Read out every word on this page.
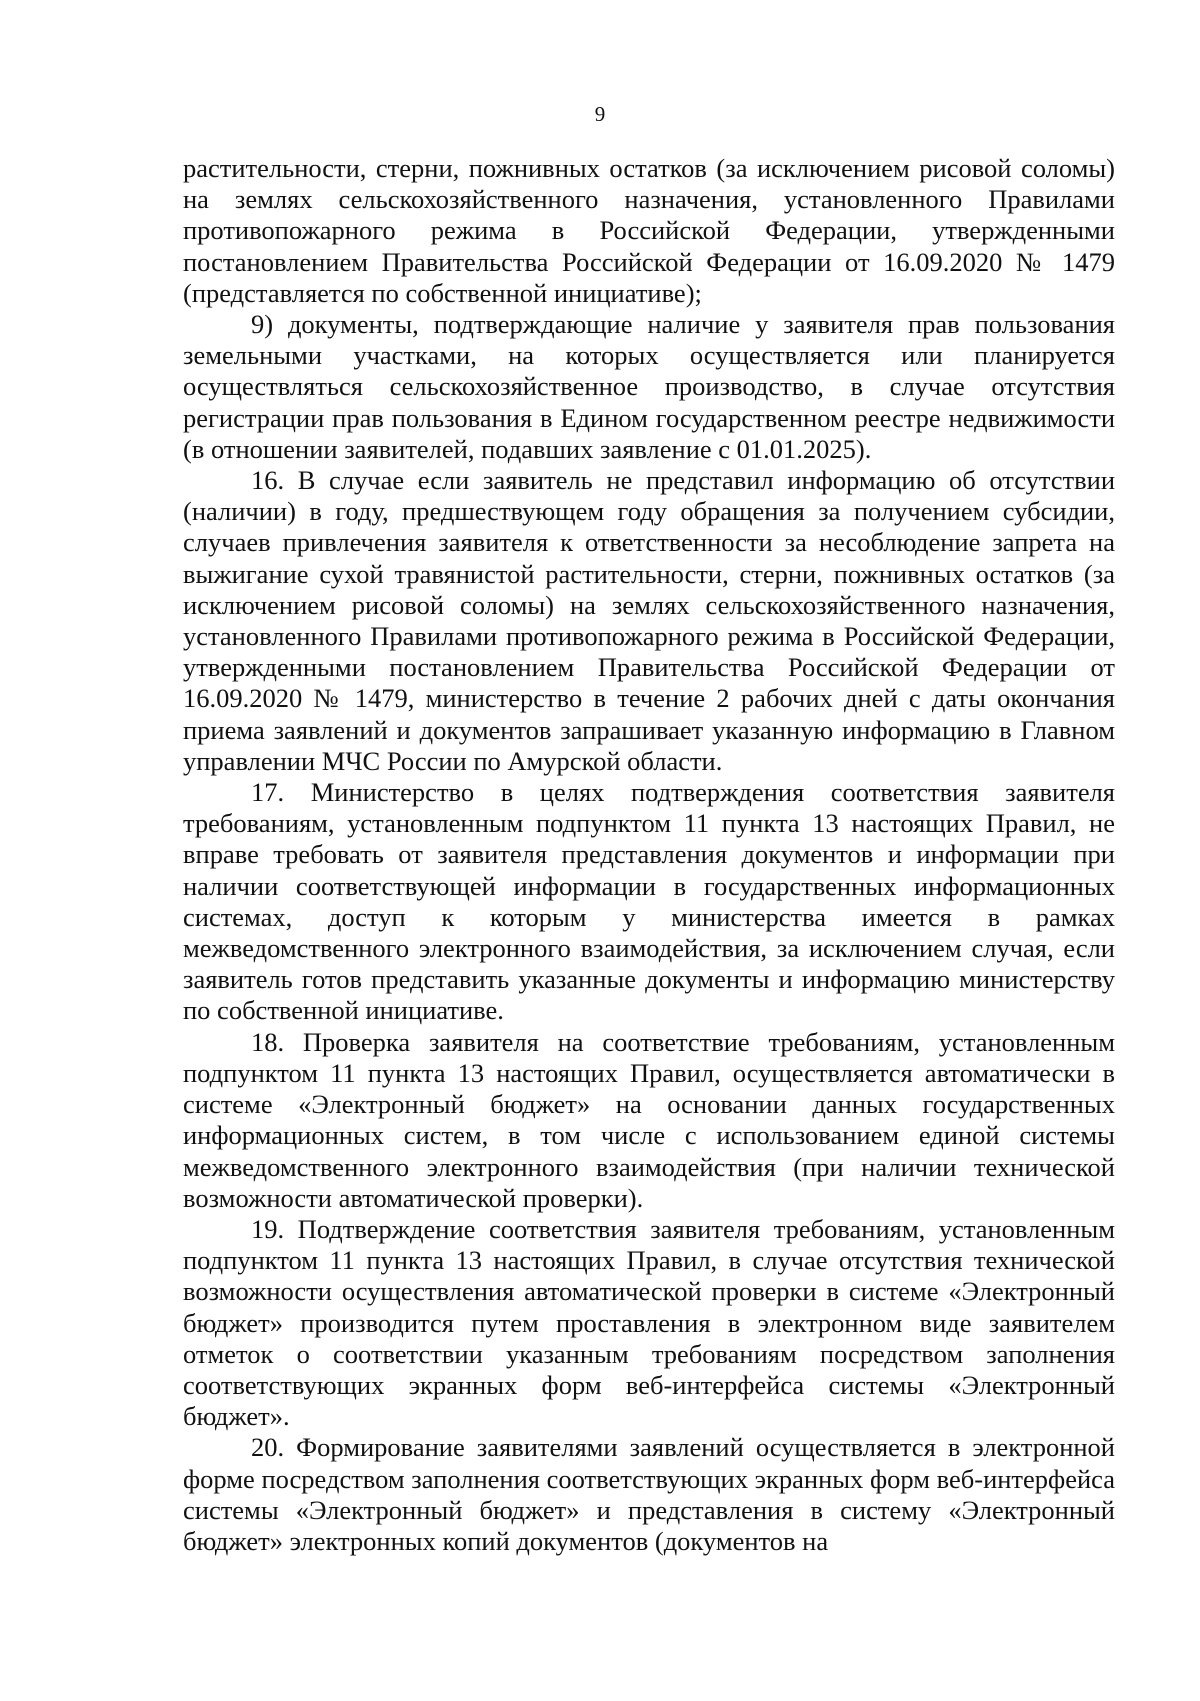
9

растительности, стерни, пожнивных остатков (за исключением рисовой соломы) на землях сельскохозяйственного назначения, установленного Правилами противопожарного режима в Российской Федерации, утвержденными постановлением Правительства Российской Федерации от 16.09.2020 № 1479 (представляется по собственной инициативе);

9) документы, подтверждающие наличие у заявителя прав пользования земельными участками, на которых осуществляется или планируется осуществляться сельскохозяйственное производство, в случае отсутствия регистрации прав пользования в Едином государственном реестре недвижимости (в отношении заявителей, подавших заявление с 01.01.2025).

16. В случае если заявитель не представил информацию об отсутствии (наличии) в году, предшествующем году обращения за получением субсидии, случаев привлечения заявителя к ответственности за несоблюдение запрета на выжигание сухой травянистой растительности, стерни, пожнивных остатков (за исключением рисовой соломы) на землях сельскохозяйственного назначения, установленного Правилами противопожарного режима в Российской Федерации, утвержденными постановлением Правительства Российской Федерации от 16.09.2020 № 1479, министерство в течение 2 рабочих дней с даты окончания приема заявлений и документов запрашивает указанную информацию в Главном управлении МЧС России по Амурской области.

17. Министерство в целях подтверждения соответствия заявителя требованиям, установленным подпунктом 11 пункта 13 настоящих Правил, не вправе требовать от заявителя представления документов и информации при наличии соответствующей информации в государственных информационных системах, доступ к которым у министерства имеется в рамках межведомственного электронного взаимодействия, за исключением случая, если заявитель готов представить указанные документы и информацию министерству по собственной инициативе.

18. Проверка заявителя на соответствие требованиям, установленным подпунктом 11 пункта 13 настоящих Правил, осуществляется автоматически в системе «Электронный бюджет» на основании данных государственных информационных систем, в том числе с использованием единой системы межведомственного электронного взаимодействия (при наличии технической возможности автоматической проверки).

19. Подтверждение соответствия заявителя требованиям, установленным подпунктом 11 пункта 13 настоящих Правил, в случае отсутствия технической возможности осуществления автоматической проверки в системе «Электронный бюджет» производится путем проставления в электронном виде заявителем отметок о соответствии указанным требованиям посредством заполнения соответствующих экранных форм веб-интерфейса системы «Электронный бюджет».

20. Формирование заявителями заявлений осуществляется в электронной форме посредством заполнения соответствующих экранных форм веб-интерфейса системы «Электронный бюджет» и представления в систему «Электронный бюджет» электронных копий документов (документов на
